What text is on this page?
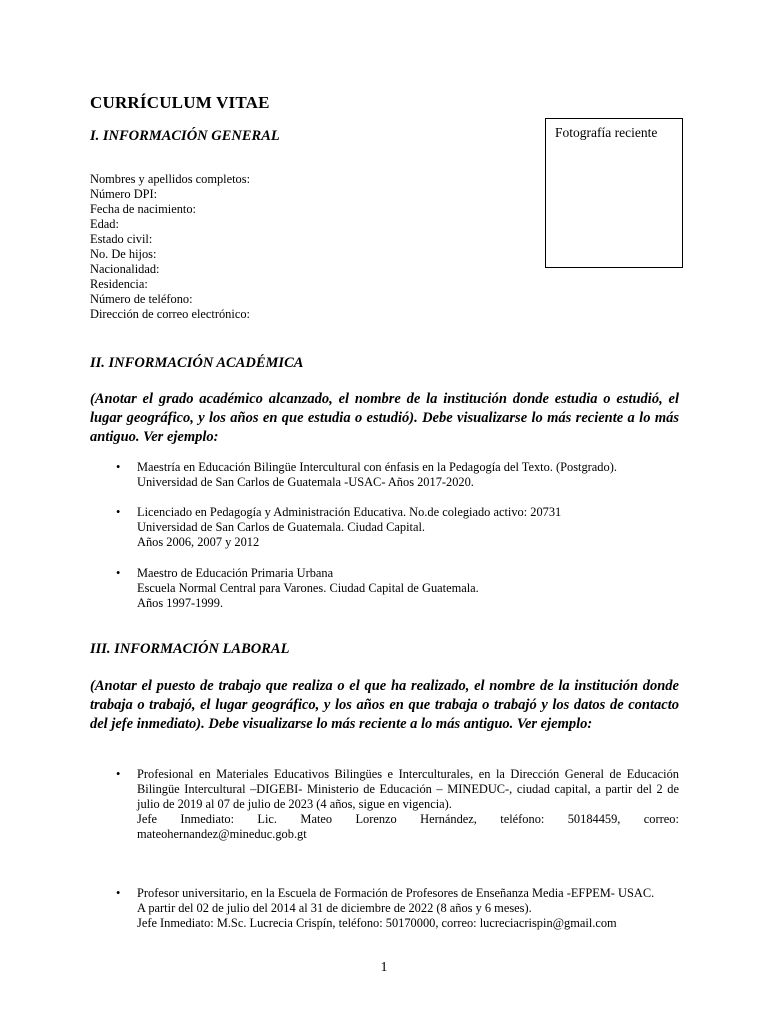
CURRÍCULUM VITAE
I. INFORMACIÓN GENERAL	Fotografía reciente
Nombres y apellidos completos:
Número DPI:
Fecha de nacimiento:
Edad:
Estado civil:
No. De hijos:
Nacionalidad:
Residencia:
Número de teléfono:
Dirección de correo electrónico:
II. INFORMACIÓN ACADÉMICA
(Anotar el grado académico alcanzado, el nombre de la institución donde estudia o estudió, el lugar geográfico, y los años en que estudia o estudió). Debe visualizarse lo más reciente a lo más antiguo. Ver ejemplo:
• Maestría en Educación Bilingüe Intercultural con énfasis en la Pedagogía del Texto. (Postgrado).
Universidad de San Carlos de Guatemala -USAC- Años 2017-2020.
• Licenciado en Pedagogía y Administración Educativa. No.de colegiado activo: 20731
Universidad de San Carlos de Guatemala. Ciudad Capital.
Años 2006, 2007 y 2012
• Maestro de Educación Primaria Urbana
Escuela Normal Central para Varones. Ciudad Capital de Guatemala.
Años 1997-1999.
III. INFORMACIÓN LABORAL
(Anotar el puesto de trabajo que realiza o el que ha realizado, el nombre de la institución donde trabaja o trabajó, el lugar geográfico, y los años en que trabaja o trabajó y los datos de contacto del jefe inmediato). Debe visualizarse lo más reciente a lo más antiguo. Ver ejemplo:
• Profesional en Materiales Educativos Bilingües e Interculturales, en la Dirección General de Educación Bilingüe Intercultural –DIGEBI- Ministerio de Educación – MINEDUC-, ciudad capital, a partir del 2 de julio de 2019 al 07 de julio de 2023 (4 años, sigue en vigencia).
Jefe Inmediato: Lic. Mateo Lorenzo Hernández, teléfono: 50184459, correo:
mateohernandez@mineduc.gob.gt
• Profesor universitario, en la Escuela de Formación de Profesores de Enseñanza Media -EFPEM- USAC.
A partir del 02 de julio del 2014 al 31 de diciembre de 2022 (8 años y 6 meses).
Jefe Inmediato: M.Sc. Lucrecia Crispín, teléfono: 50170000, correo: lucreciacrispin@gmail.com
1
